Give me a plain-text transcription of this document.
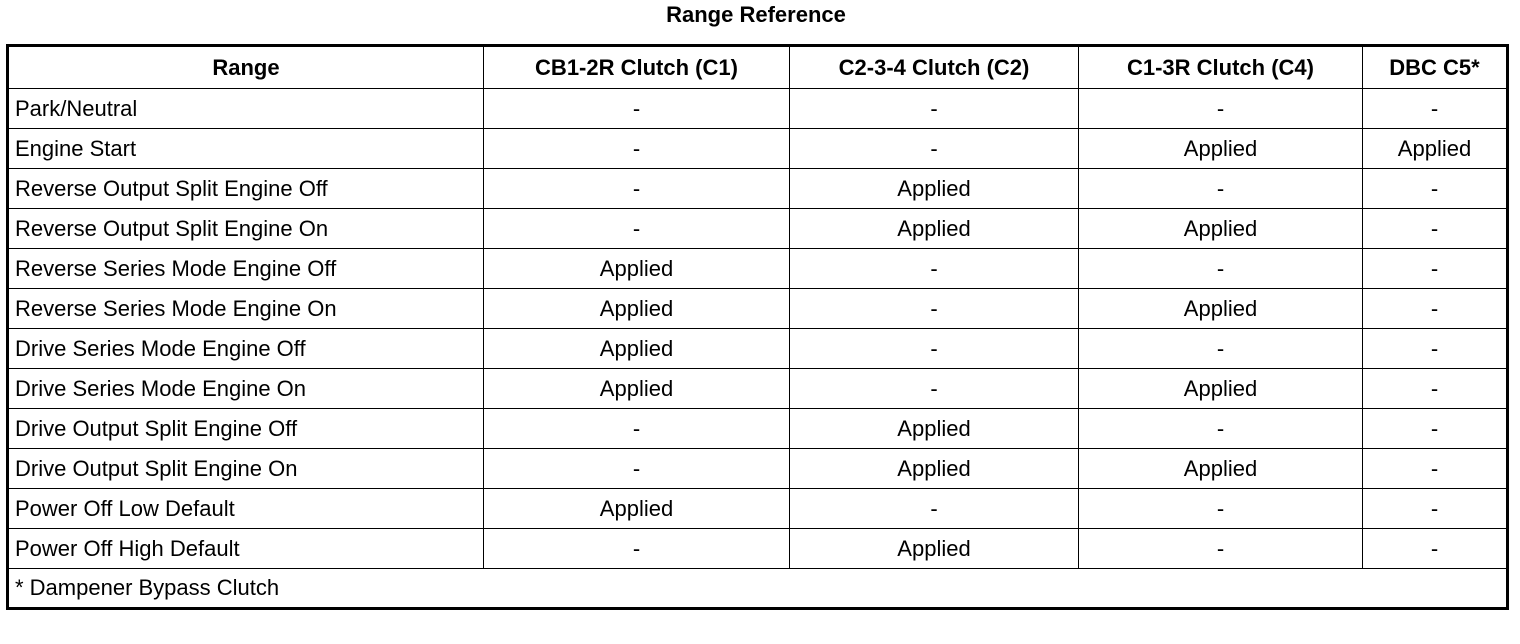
Range Reference
Range	CB1-2R Clutch (C1)	C2-3-4 Clutch (C2)	C1-3R Clutch (C4)	DBC C5*
Park/Neutral	-	-	-	-
Engine Start	-	-	Applied	Applied
Reverse Output Split Engine Off	-	Applied	-	-
Reverse Output Split Engine On	-	Applied	Applied	-
Reverse Series Mode Engine Off	Applied	-	-	-
Reverse Series Mode Engine On	Applied	-	Applied	-
Drive Series Mode Engine Off	Applied	-	-	-
Drive Series Mode Engine On	Applied	-	Applied	-
Drive Output Split Engine Off	-	Applied	-	-
Drive Output Split Engine On	-	Applied	Applied	-
Power Off Low Default	Applied	-	-	-
Power Off High Default	-	Applied	-	-
* Dampener Bypass Clutch				
